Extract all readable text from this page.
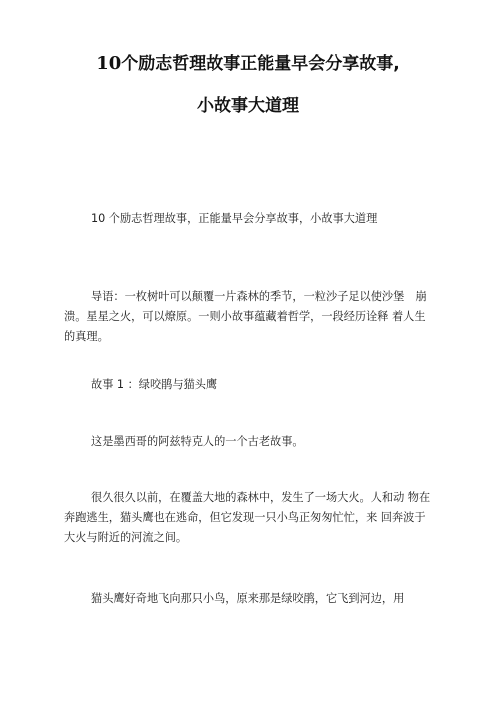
10个励志哲理故事正能量早会分享故事,
小故事大道理

10 个励志哲理故事，正能量早会分享故事，小故事大道理

导语：一枚树叶可以颠覆一片森林的季节，一粒沙子足以使沙堡　崩溃。星星之火，可以燎原。一则小故事蕴藏着哲学，一段经历诠释 着人生的真理。

故事 1 ：绿咬鹃与猫头鹰

这是墨西哥的阿兹特克人的一个古老故事。

很久很久以前，在覆盖大地的森林中，发生了一场大火。人和动 物在奔跑逃生，猫头鹰也在逃命，但它发现一只小鸟正匆匆忙忙，来 回奔波于大火与附近的河流之间。

猫头鹰好奇地飞向那只小鸟，原来那是绿咬鹃，它飞到河边，用
